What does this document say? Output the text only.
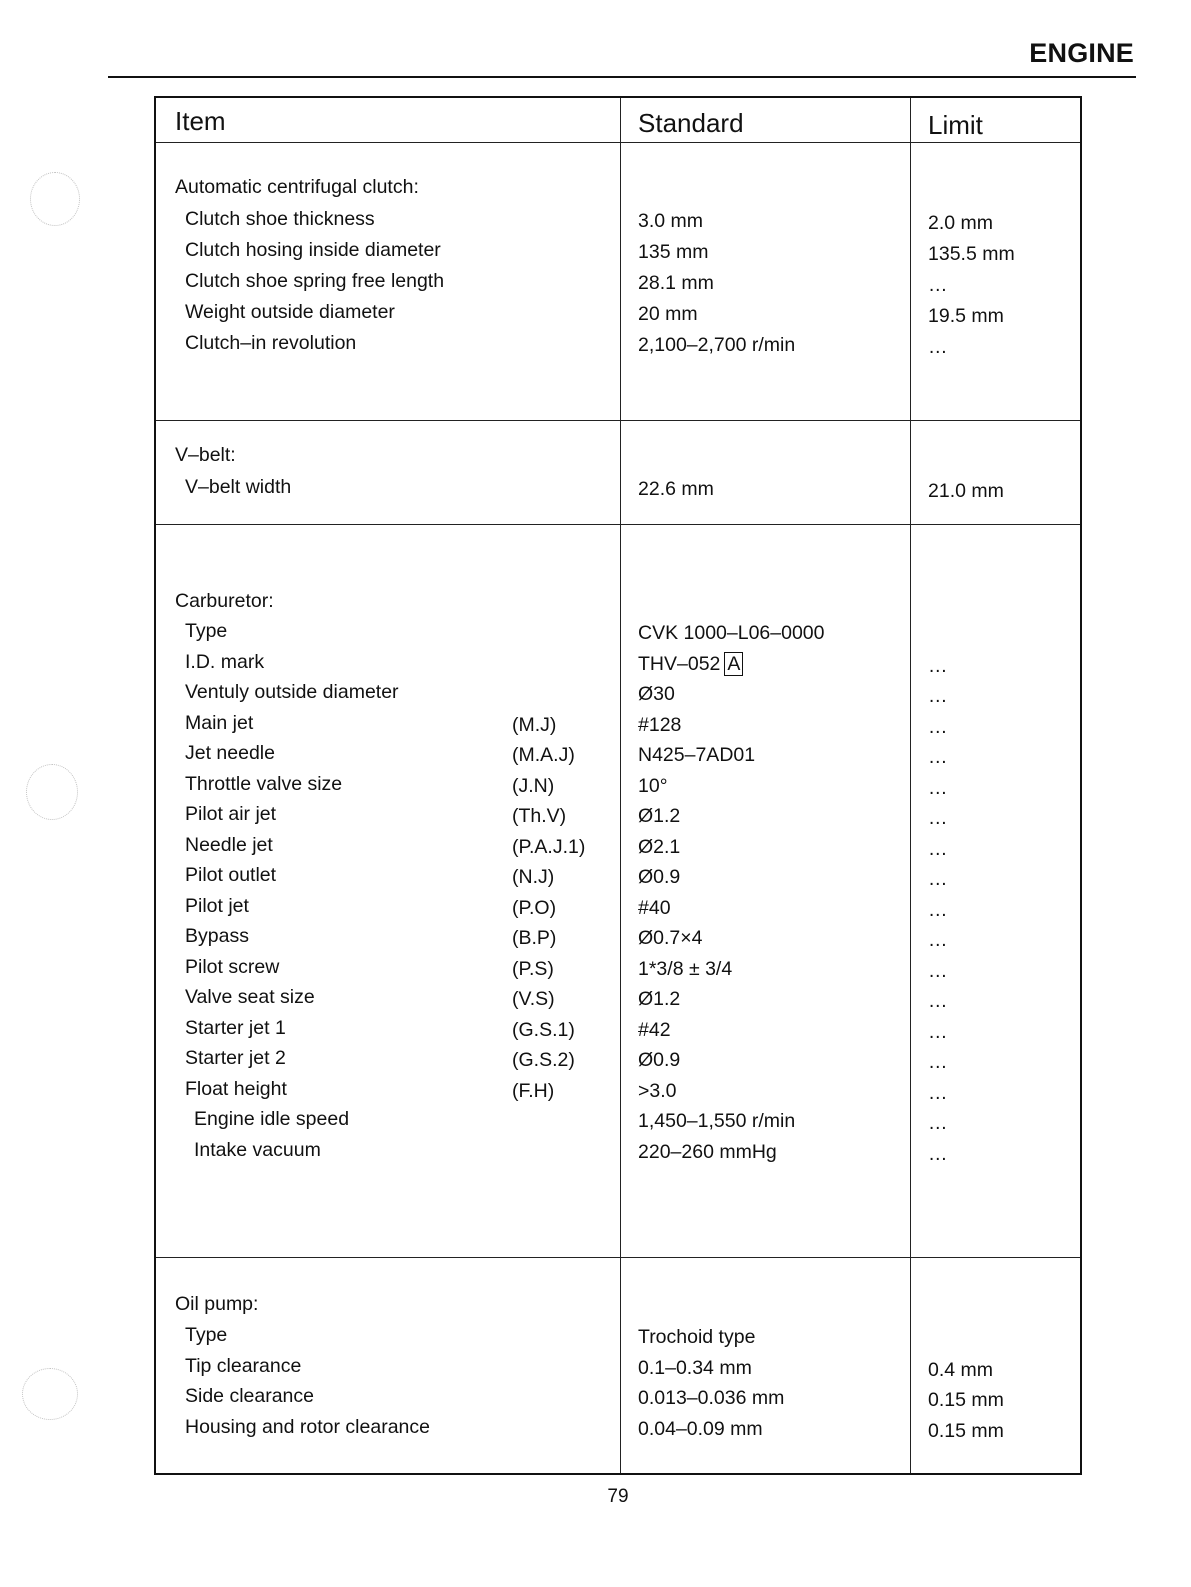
ENGINE
Item	Standard	Limit
Automatic centrifugal clutch:
Clutch shoe thickness	3.0 mm	2.0 mm
Clutch hosing inside diameter	135 mm	135.5 mm
Clutch shoe spring free length	28.1 mm	…
Weight outside diameter	20 mm	19.5 mm
Clutch–in revolution	2,100–2,700 r/min	…
V–belt:
V–belt width	22.6 mm	21.0 mm
Carburetor:
Type	CVK 1000–L06–0000
I.D. mark	THV–052 A	…
Ventuly outside diameter	Ø30	…
Main jet	(M.J)	#128	…
Jet needle	(M.A.J)	N425–7AD01	…
Throttle valve size	(J.N)	10°	…
Pilot air jet	(Th.V)	Ø1.2	…
Needle jet	(P.A.J.1)	Ø2.1	…
Pilot outlet	(N.J)	Ø0.9	…
Pilot jet	(P.O)	#40	…
Bypass	(B.P)	Ø0.7×4	…
Pilot screw	(P.S)	1*3/8 ± 3/4	…
Valve seat size	(V.S)	Ø1.2	…
Starter jet 1	(G.S.1)	#42	…
Starter jet 2	(G.S.2)	Ø0.9	…
Float height	(F.H)	>3.0	…
Engine idle speed	1,450–1,550 r/min	…
Intake vacuum	220–260 mmHg	…
Oil pump:
Type	Trochoid type
Tip clearance	0.1–0.34 mm	0.4 mm
Side clearance	0.013–0.036 mm	0.15 mm
Housing and rotor clearance	0.04–0.09 mm	0.15 mm
79
